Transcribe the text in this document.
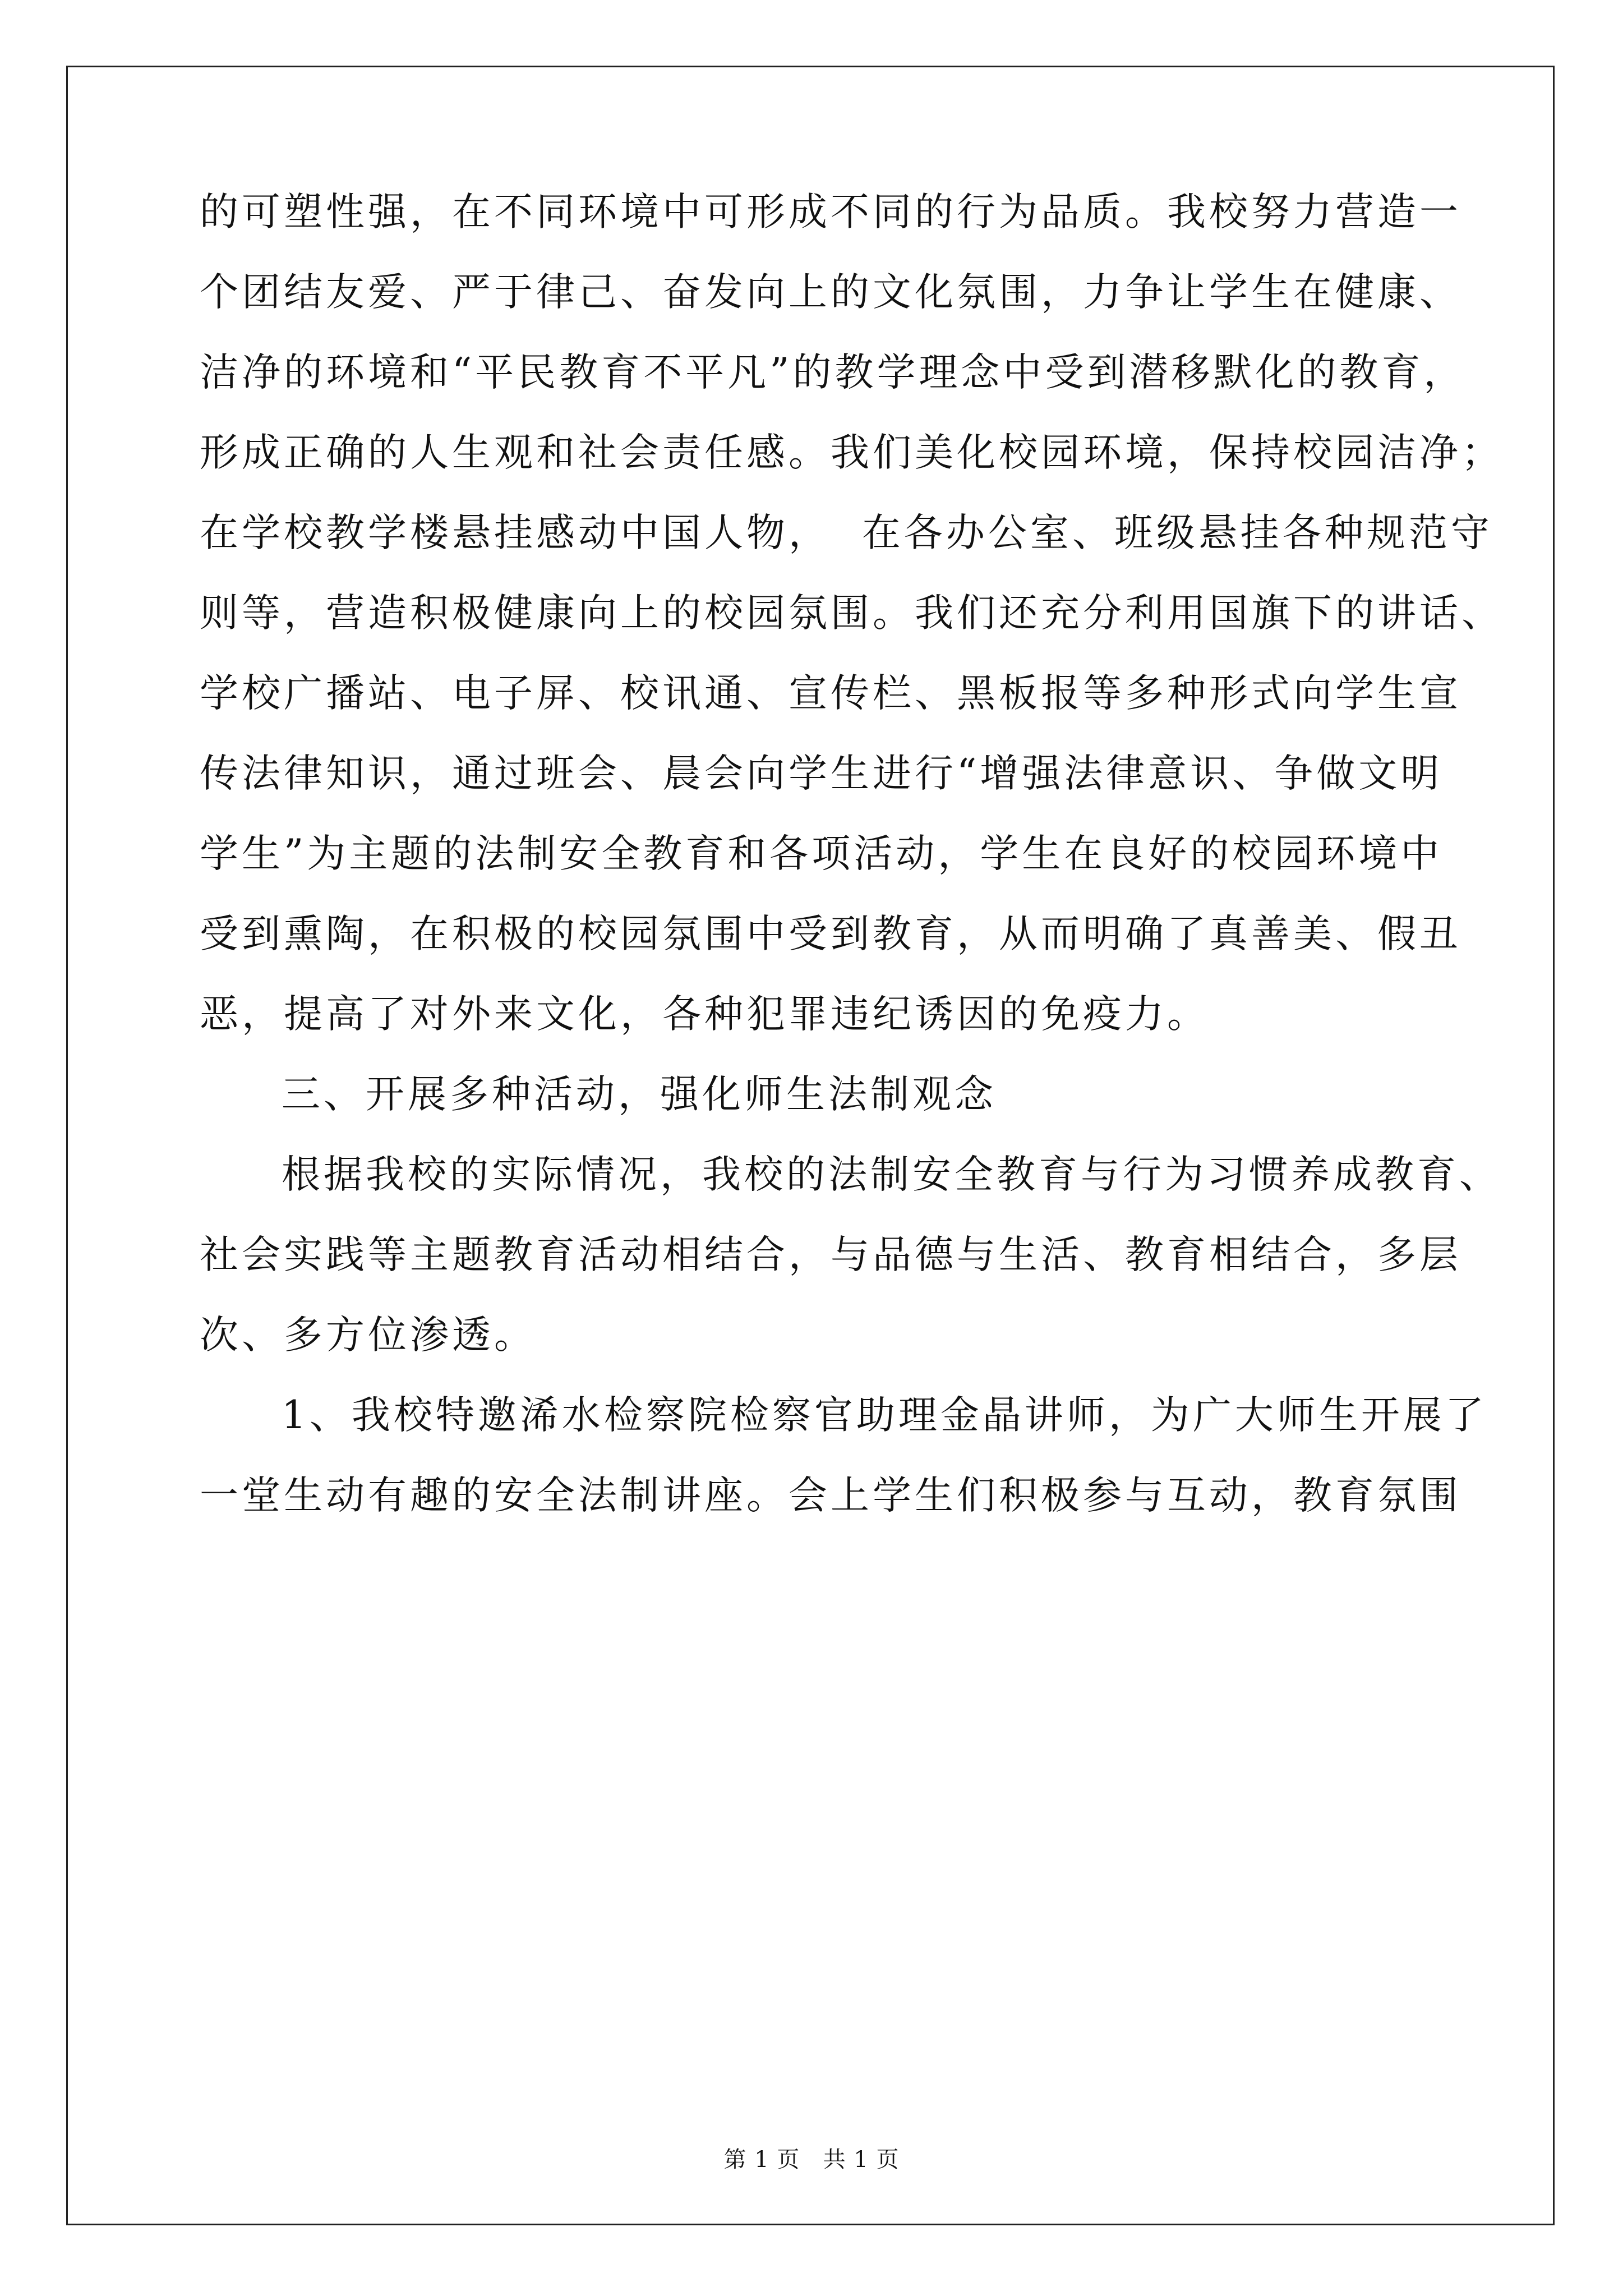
的可塑性强，在不同环境中可形成不同的行为品质。我校努力营造一
个团结友爱、严于律己、奋发向上的文化氛围，力争让学生在健康、
洁净的环境和“平民教育不平凡”的教学理念中受到潜移默化的教育，
形成正确的人生观和社会责任感。我们美化校园环境，保持校园洁净；
在学校教学楼悬挂感动中国人物，  在各办公室、班级悬挂各种规范守
则等，营造积极健康向上的校园氛围。我们还充分利用国旗下的讲话、
学校广播站、电子屏、校讯通、宣传栏、黑板报等多种形式向学生宣
传法律知识，通过班会、晨会向学生进行“增强法律意识、争做文明
学生”为主题的法制安全教育和各项活动，学生在良好的校园环境中
受到熏陶，在积极的校园氛围中受到教育，从而明确了真善美、假丑
恶，提高了对外来文化，各种犯罪违纪诱因的免疫力。
三、开展多种活动，强化师生法制观念
根据我校的实际情况，我校的法制安全教育与行为习惯养成教育、
社会实践等主题教育活动相结合，与品德与生活、教育相结合，多层
次、多方位渗透。
1、我校特邀浠水检察院检察官助理金晶讲师，为广大师生开展了
一堂生动有趣的安全法制讲座。会上学生们积极参与互动，教育氛围
第 1 页   共 1 页
